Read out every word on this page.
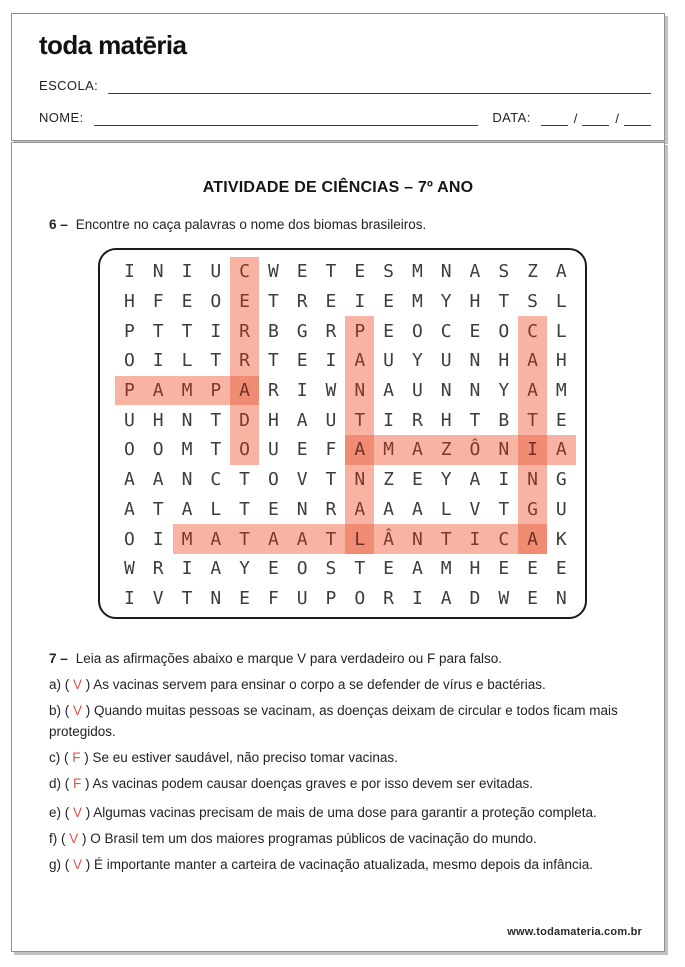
toda matēria
ESCOLA:
NOME:	DATA:	/	/
ATIVIDADE DE CIÊNCIAS – 7º ANO
6 – Encontre no caça palavras o nome dos biomas brasileiros.
I N I U C W E T E S M N A S Z A
H F E O E T R E I E M Y H T S L
P T T I R B G R P E O C E O C L
O I L T R T E I A U Y U N H A H
P A M P A R I W N A U N N Y A M
U H N T D H A U T I R H T B T E
O O M T O U E F A M A Z Ô N I A
A A N C T O V T N Z E Y A I N G
A T A L T E N R A A A L V T G U
O I M A T A A T L Â N T I C A K
W R I A Y E O S T E A M H E E E
I V T N E F U P O R I A D W E N
7 – Leia as afirmações abaixo e marque V para verdadeiro ou F para falso.
a) ( V ) As vacinas servem para ensinar o corpo a se defender de vírus e bactérias.
b) ( V ) Quando muitas pessoas se vacinam, as doenças deixam de circular e todos ficam mais protegidos.
c) ( F ) Se eu estiver saudável, não preciso tomar vacinas.
d) ( F ) As vacinas podem causar doenças graves e por isso devem ser evitadas.
e) ( V ) Algumas vacinas precisam de mais de uma dose para garantir a proteção completa.
f) ( V ) O Brasil tem um dos maiores programas públicos de vacinação do mundo.
g) ( V ) É importante manter a carteira de vacinação atualizada, mesmo depois da infância.
www.todamateria.com.br
